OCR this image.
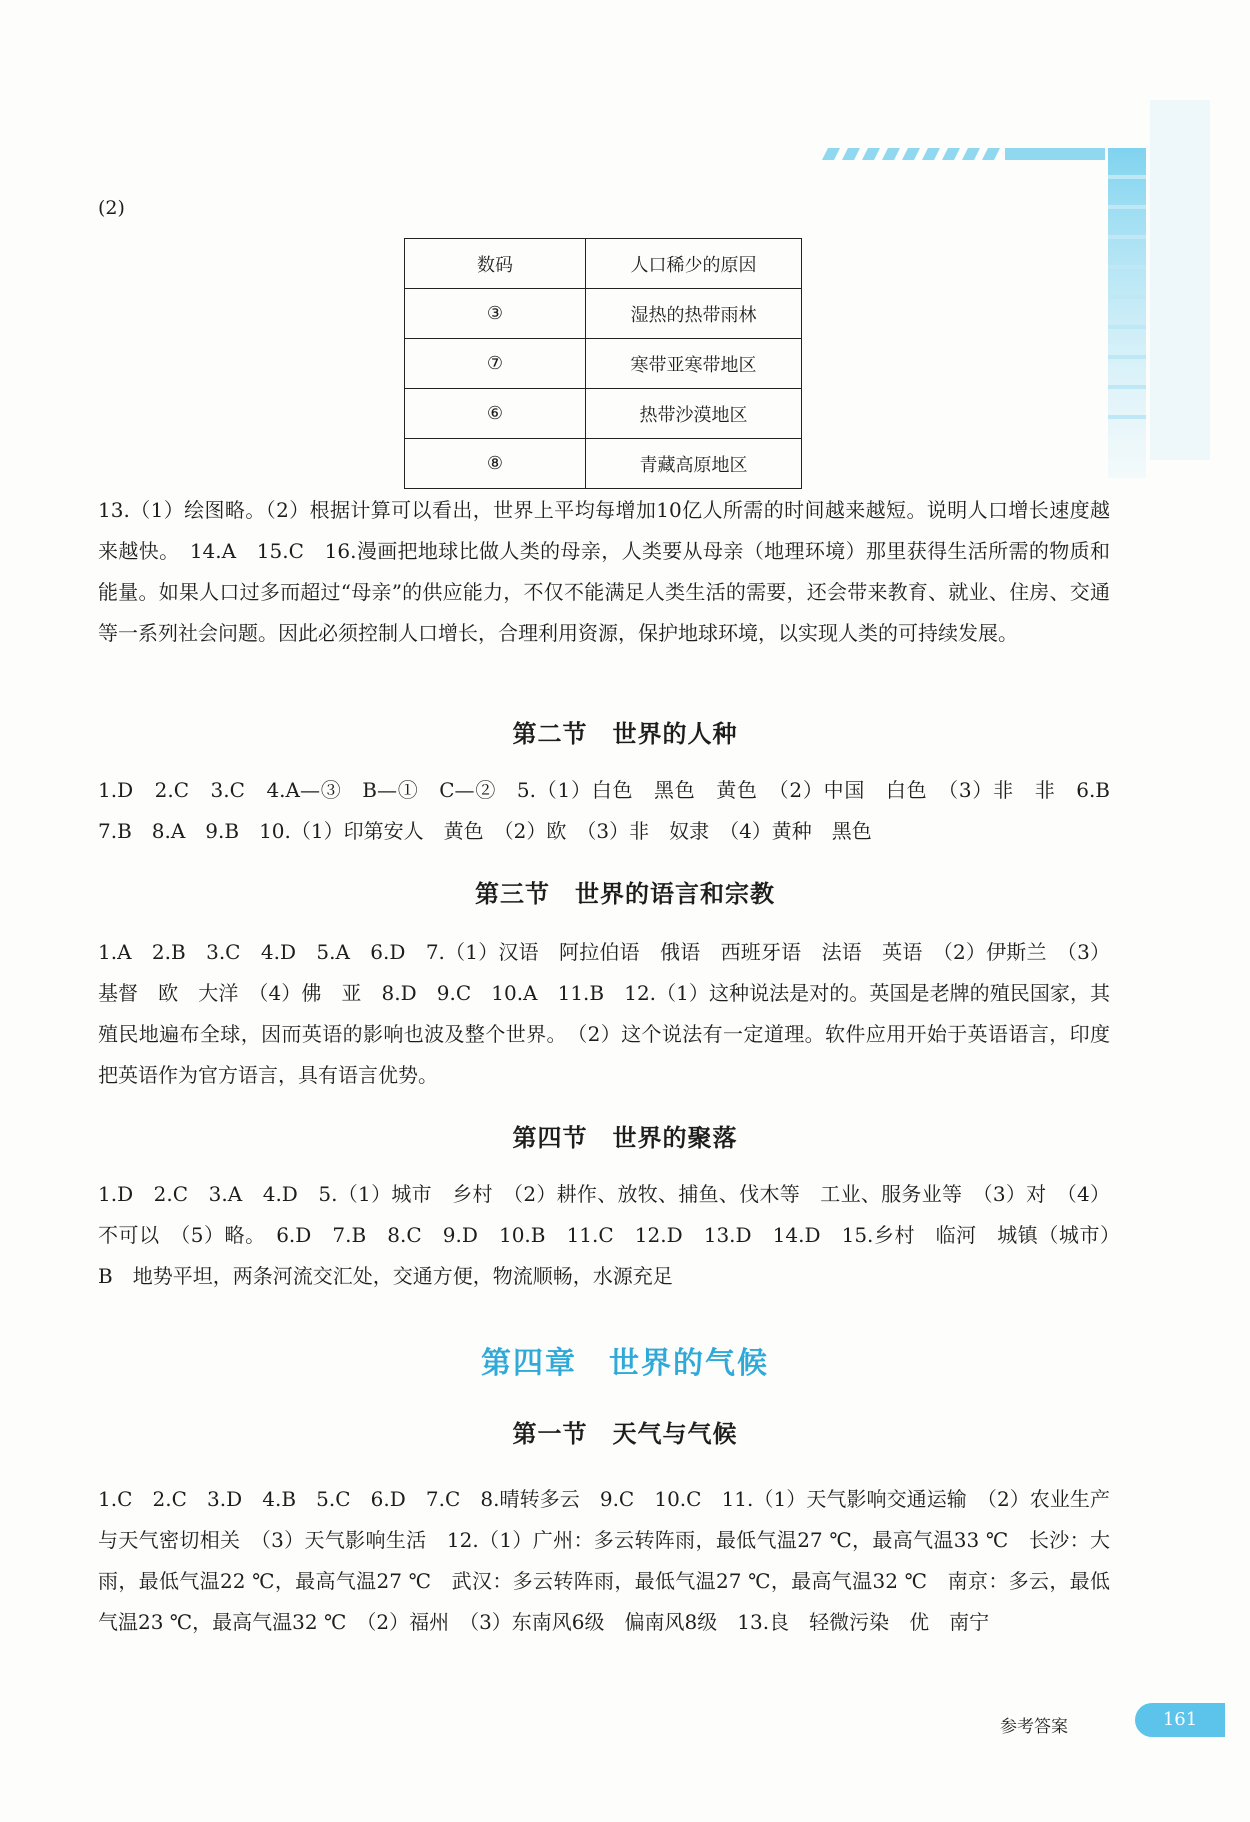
(2)
数码	人口稀少的原因
③	湿热的热带雨林
⑦	寒带亚寒带地区
⑥	热带沙漠地区
⑧	青藏高原地区

13.（1）绘图略。（2）根据计算可以看出，世界上平均每增加10亿人所需的时间越来越短。说明人口增长速度越来越快。　14.A　15.C　16.漫画把地球比做人类的母亲，人类要从母亲（地理环境）那里获得生活所需的物质和能量。如果人口过多而超过“母亲”的供应能力，不仅不能满足人类生活的需要，还会带来教育、就业、住房、交通等一系列社会问题。因此必须控制人口增长，合理利用资源，保护地球环境，以实现人类的可持续发展。

第二节　世界的人种

1.D　2.C　3.C　4.A—③　B—①　C—②　5.（1）白色　黑色　黄色　（2）中国　白色　（3）非　非　6.B　7.B　8.A　9.B　10.（1）印第安人　黄色　（2）欧　（3）非　奴隶　（4）黄种　黑色

第三节　世界的语言和宗教

1.A　2.B　3.C　4.D　5.A　6.D　7.（1）汉语　阿拉伯语　俄语　西班牙语　法语　英语　（2）伊斯兰　（3）基督　欧　大洋　（4）佛　亚　8.D　9.C　10.A　11.B　12.（1）这种说法是对的。英国是老牌的殖民国家，其殖民地遍布全球，因而英语的影响也波及整个世界。　（2）这个说法有一定道理。软件应用开始于英语语言，印度把英语作为官方语言，具有语言优势。

第四节　世界的聚落

1.D　2.C　3.A　4.D　5.（1）城市　乡村　（2）耕作、放牧、捕鱼、伐木等　工业、服务业等　（3）对　（4）不可以　（5）略。　6.D　7.B　8.C　9.D　10.B　11.C　12.D　13.D　14.D　15.乡村　临河　城镇（城市）　B　地势平坦，两条河流交汇处，交通方便，物流顺畅，水源充足

第四章　世界的气候
第一节　天气与气候

1.C　2.C　3.D　4.B　5.C　6.D　7.C　8.晴转多云　9.C　10.C　11.（1）天气影响交通运输　（2）农业生产与天气密切相关　（3）天气影响生活　12.（1）广州：多云转阵雨，最低气温27 ℃，最高气温33 ℃　长沙：大雨，最低气温22 ℃，最高气温27 ℃　武汉：多云转阵雨，最低气温27 ℃，最高气温32 ℃　南京：多云，最低气温23 ℃，最高气温32 ℃　（2）福州　（3）东南风6级　偏南风8级　13.良　轻微污染　优　南宁

参考答案	161
